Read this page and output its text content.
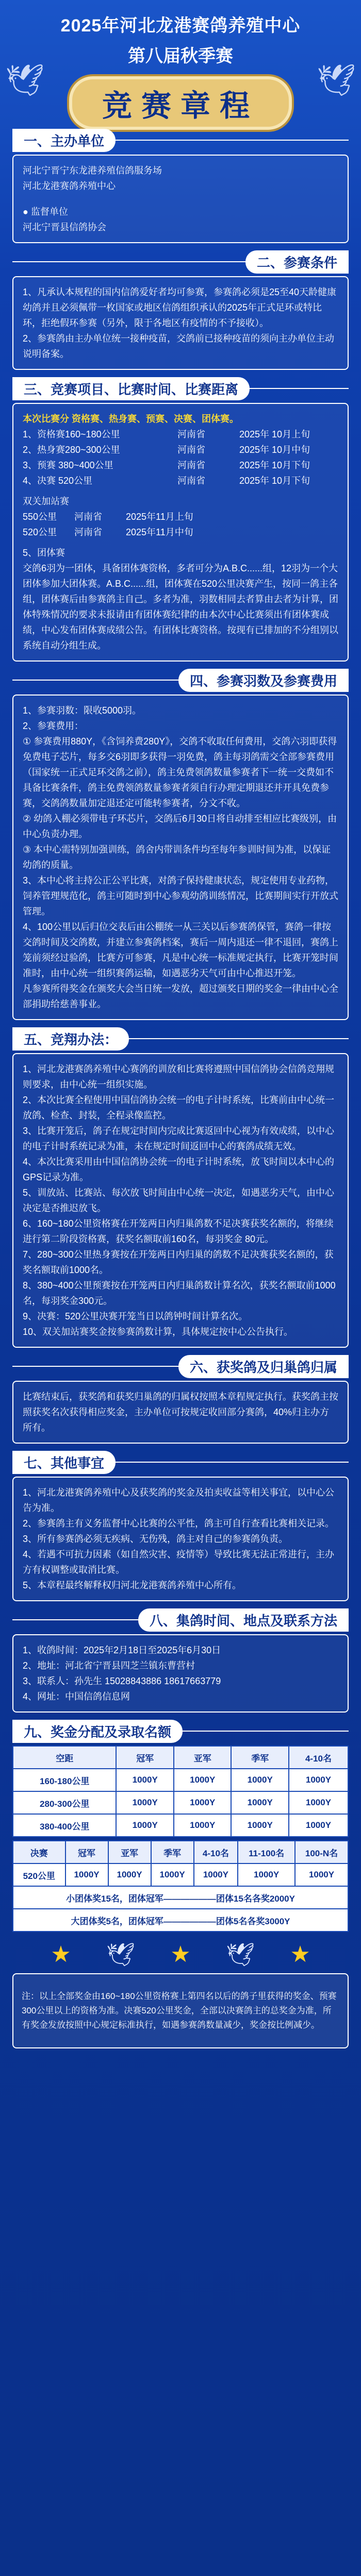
🕊	🕊
2025年河北龙港赛鸽养殖中心
第八届秋季赛
竞赛章程
一、主办单位

河北宁晋宁东龙港养殖信鸽服务场

河北龙港赛鸽养殖中心

● 监督单位

河北宁晋县信鸽协会

二、参赛条件

1、凡承认本规程的国内信鸽爱好者均可参赛，参赛鸽必须是25至40天龄健康幼鸽并且必须佩带一枚国家或地区信鸽组织承认的2025年正式足环或特比环，拒绝假环参赛（另外，限于各地区有疫情的不予接收）。

2、参赛鸽由主办单位统一接种疫苗，交鸽前已接种疫苗的须向主办单位主动说明备案。

三、竞赛项目、比赛时间、比赛距离

本次比赛分 资格赛、热身赛、预赛、决赛、团体赛。

1、资格赛160~180公里	河南省	2025年 10月上旬
2、热身赛280~300公里	河南省	2025年 10月中旬
3、预赛 380~400公里	河南省	2025年 10月下旬
4、决赛 520公里	河南省	2025年 10月下旬

双关加站赛

550公里	河南省	2025年11月上旬
520公里	河南省	2025年11月中旬

5、团体赛

交鸽6羽为一团体，具备团体赛资格，多者可分为A.B.C......组，12羽为一个大团体参加大团体赛。A.B.C......组，团体赛在520公里决赛产生，按同一鸽主各组，团体赛后由参赛鸽主自己。多者为准，羽数相同去者算由去者为计算，团体特殊情况的要求未报请由有团体赛纪律的由本次中心比赛须出有团体赛成绩，中心发布团体赛成绩公告。有团体比赛资格。按现有已排加的不分组别以系统自动分组生成。

四、参赛羽数及参赛费用

1、参赛羽数：限收5000羽。

2、参赛费用：

① 参赛费用880Y，《含饲养费280Y》，交鸽不收取任何费用，交鸽六羽即获得免费电子芯片，每多交6羽即多获得一羽免费，鸽主每羽鸽需交全部参赛费用（国家统一正式足环交鸽之前），鸽主免费领鸽数量参赛者下一统一交费如不具备比赛条件，鸽主免费领鸽数量参赛者须自行办理定期退还并开具免费参赛，交鸽鸽数量加定退还定可能转参赛者，分文不收。

② 幼鸽入棚必须带电子环芯片，交鸽后6月30日将自动排至相应比赛级别，由中心负责办理。

③ 本中心需特别加强训练，鸽舍内带训条件均至每年参训时间为准，以保证幼鸽的质量。

3、本中心将主持公正公平比赛，对鸽子保持健康状态，规定使用专业药物，饲养管理规范化，鸽主可随时到中心参观幼鸽训练情况，比赛期间实行开放式管理。

4、100公里以后归位交表后由公棚统一从三关以后参赛鸽保管，赛鸽一律按交鸽时间及交鸽数，并建立参赛鸽档案，赛后一周内退还一律不退回，赛鸽上笼前须经过验鸽，比赛方可参赛，凡是中心统一标准规定执行，比赛开笼时间准时，由中心统一组织赛鸽运输，如遇恶劣天气可由中心推迟开笼。

凡参赛所得奖金在颁奖大会当日统一发放，超过颁奖日期的奖金一律由中心全部捐助给慈善事业。

五、竞翔办法：

1、河北龙港赛鸽养殖中心赛鸽的训放和比赛将遵照中国信鸽协会信鸽竞翔规则要求，由中心统一组织实施。

2、本次比赛全程使用中国信鸽协会统一的电子计时系统，比赛前由中心统一放鸽、检查、封装，全程录像监控。

3、比赛开笼后，鸽子在规定时间内完成比赛返回中心视为有效成绩，以中心的电子计时系统记录为准，未在规定时间返回中心的赛鸽成绩无效。

4、本次比赛采用由中国信鸽协会统一的电子计时系统，放飞时间以本中心的GPS记录为准。

5、训放站、比赛站、每次放飞时间由中心统一决定，如遇恶劣天气，由中心决定是否推迟放飞。

6、160~180公里资格赛在开笼两日内归巢鸽数不足决赛获奖名额的，将继续进行第二阶段资格赛，获奖名额取前160名，每羽奖金 80元。

7、280~300公里热身赛按在开笼两日内归巢的鸽数不足决赛获奖名额的，获奖名额取前1000名。

8、380~400公里预赛按在开笼两日内归巢鸽数计算名次，获奖名额取前1000名，每羽奖金300元。

9、决赛：520公里决赛开笼当日以鸽钟时间计算名次。

10、双关加站赛奖金按参赛鸽数计算，具体规定按中心公告执行。

六、获奖鸽及归巢鸽归属

比赛结束后，获奖鸽和获奖归巢鸽的归属权按照本章程规定执行。获奖鸽主按照获奖名次获得相应奖金，主办单位可按规定收回部分赛鸽，40%归主办方所有。

七、其他事宜

1、河北龙港赛鸽养殖中心及获奖鸽的奖金及拍卖收益等相关事宜，以中心公告为准。

2、参赛鸽主有义务监督中心比赛的公平性，鸽主可自行查看比赛相关记录。

3、所有参赛鸽必须无疾病、无伤残，鸽主对自己的参赛鸽负责。

4、若遇不可抗力因素（如自然灾害、疫情等）导致比赛无法正常进行，主办方有权调整或取消比赛。

5、本章程最终解释权归河北龙港赛鸽养殖中心所有。

八、集鸽时间、地点及联系方法

1、收鸽时间：2025年2月18日至2025年6月30日

2、地址：河北省宁晋县四芝兰镇东曹营村

3、联系人：孙先生 15028843886 18617663779

4、网址：中国信鸽信息网

九、奖金分配及录取名额
空距	冠军	亚军	季军	4-10名
160-180公里	1000Y	1000Y	1000Y	1000Y
280-300公里	1000Y	1000Y	1000Y	1000Y
380-400公里	1000Y	1000Y	1000Y	1000Y
决赛	冠军	亚军	季军	4-10名	11-100名	100-N名
520公里	1000Y	1000Y	1000Y	1000Y	1000Y	1000Y
小团体奖15名，团体冠军——————团体15名各奖2000Y						
大团体奖5名，团体冠军——————团体5名各奖3000Y						
★ 🕊 ★ 🕊 ★

注：以上全部奖金由160~180公里资格赛上第四名以后的鸽子里获得的奖金、预赛300公里以上的资格为准。决赛520公里奖金，全部以决赛鸽主的总奖金为准，所有奖金发放按照中心规定标准执行，如遇参赛鸽数量减少，奖金按比例减少。
